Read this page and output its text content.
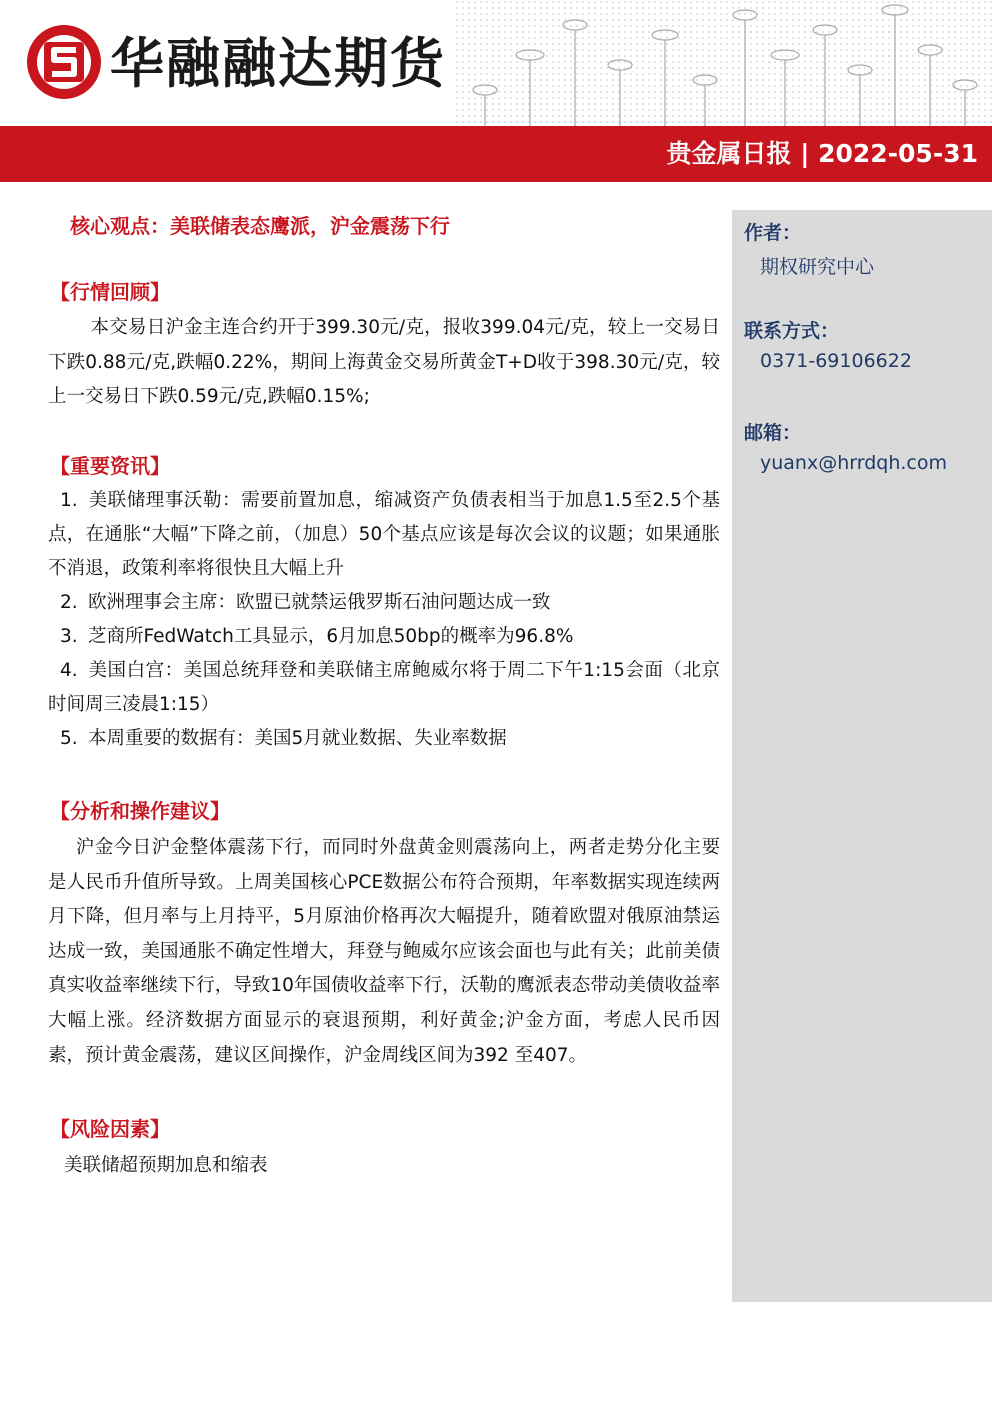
华融融达期货
贵金属日报 | 2022-05-31
作者：
期权研究中心
联系方式：
0371-69106622
邮箱：
yuanx@hrrdqh.com
核心观点：美联储表态鹰派，沪金震荡下行
【行情回顾】
本交易日沪金主连合约开于399.30元/克，报收399.04元/克，较上一交易日下跌0.88元/克,跌幅0.22%，期间上海黄金交易所黄金T+D收于398.30元/克，较上一交易日下跌0.59元/克,跌幅0.15%;
【重要资讯】
1. 美联储理事沃勒：需要前置加息，缩减资产负债表相当于加息1.5至2.5个基点，在通胀“大幅”下降之前，（加息）50个基点应该是每次会议的议题；如果通胀不消退，政策利率将很快且大幅上升
2. 欧洲理事会主席：欧盟已就禁运俄罗斯石油问题达成一致
3. 芝商所FedWatch工具显示，6月加息50bp的概率为96.8%
4. 美国白宫：美国总统拜登和美联储主席鲍威尔将于周二下午1:15会面（北京时间周三凌晨1:15）
5. 本周重要的数据有：美国5月就业数据、失业率数据
【分析和操作建议】
沪金今日沪金整体震荡下行，而同时外盘黄金则震荡向上，两者走势分化主要是人民币升值所导致。上周美国核心PCE数据公布符合预期，年率数据实现连续两月下降，但月率与上月持平，5月原油价格再次大幅提升，随着欧盟对俄原油禁运达成一致，美国通胀不确定性增大，拜登与鲍威尔应该会面也与此有关；此前美债真实收益率继续下行，导致10年国债收益率下行，沃勒的鹰派表态带动美债收益率大幅上涨。经济数据方面显示的衰退预期，利好黄金;沪金方面，考虑人民币因素，预计黄金震荡，建议区间操作，沪金周线区间为392 至407。
【风险因素】
美联储超预期加息和缩表
